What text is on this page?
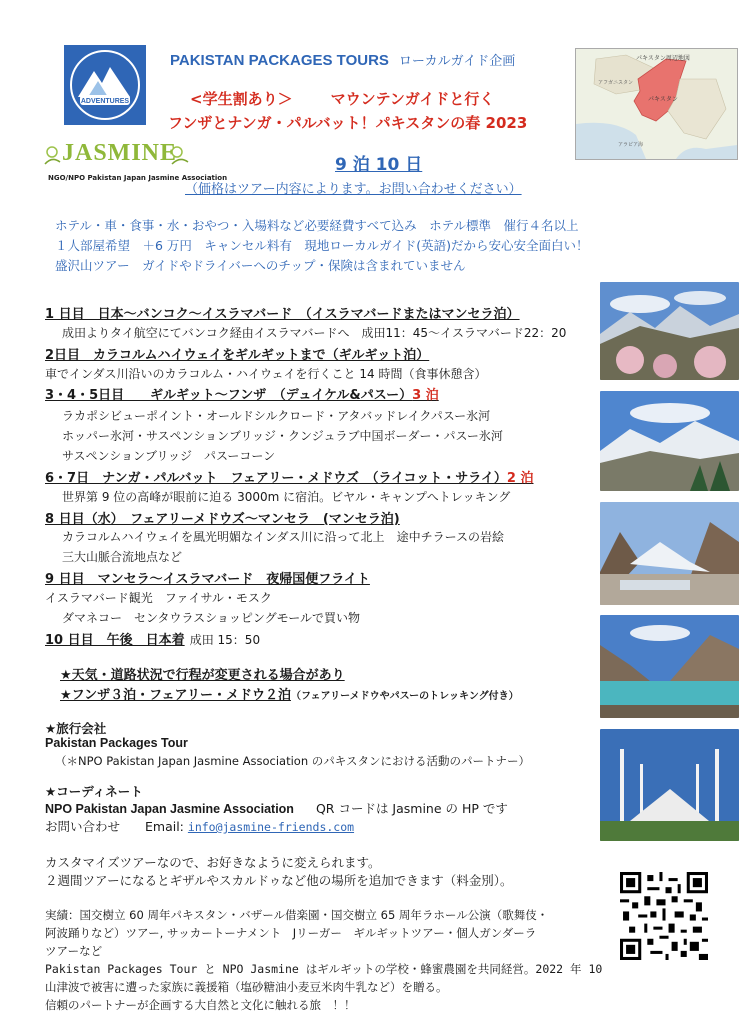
ADVENTURES
PAKISTAN PACKAGES TOURS ローカルガイド企画
<学生割あり＞	マウンテンガイドと行く
フンザとナンガ・パルバット！パキスタンの春 2023
パキスタン周辺地図
パキスタン
アフガニスタン
アラビア海
JASMINE
NGO/NPO Pakistan Japan Jasmine Association
9 泊 10 日
（価格はツアー内容によります。お問い合わせください）
ホテル・車・食事・水・おやつ・入場料など必要経費すべて込み　ホテル標準　催行４名以上
１人部屋希望　＋6 万円　キャンセル料有　現地ローカルガイド(英語)だから安心安全面白い！
盛沢山ツアー　ガイドやドライバーへのチップ・保険は含まれていません
1 日目　日本～バンコク～イスラマバード　（イスラマバードまたはマンセラ泊）
成田よりタイ航空にてバンコク経由イスラマバードへ　成田11：45～イスラマバード22：20
2日目　カラコルムハイウェイをギルギットまで（ギルギット泊）
車でインダス川沿いのカラコルム・ハイウェイを行くこと 14 時間（食事休憩含）
3・4・5日目　　ギルギット～フンザ　（デュイケル&パスー）3 泊
ラカポシビューポイント・オールドシルクロード・アタバッドレイクパスー氷河
ホッパー氷河・サスペンションブリッジ・クンジュラブ中国ボーダー・パスー氷河
サスペンションブリッジ　パスーコーン
6・7日　ナンガ・パルバット　フェアリー・メドウズ　（ライコット・サライ）2 泊
世界第 9 位の高峰が眼前に迫る 3000m に宿泊。ビヤル・キャンプへトレッキング
8 日目（水）　フェアリーメドウズ～マンセラ　(マンセラ泊)
カラコルムハイウェイを風光明媚なインダス川に沿って北上　途中チラースの岩絵
三大山脈合流地点など
9 日目　マンセラ～イスラマバード　夜帰国便フライト
イスラマバード観光　ファイサル・モスク
ダマネコー　センタウラスショッピングモールで買い物
10 日目　午後　日本着 成田 15：50
★天気・道路状況で行程が変更される場合があり
★フンザ３泊・フェアリー・メドウ２泊（フェアリーメドウやパスーのトレッキング付き）
★旅行会社
Pakistan Packages Tour
（＊NPO Pakistan Japan Jasmine Association のパキスタンにおける活動のパートナー）
★コーディネート
NPO Pakistan Japan Jasmine Association QR コードは Jasmine の HP です
お問い合わせ　　Email: info@jasmine-friends.com
カスタマイズツアーなので、お好きなように変えられます。
２週間ツアーになるとギザルやスカルドゥなど他の場所を追加できます（料金別）。
実績：国交樹立 60 周年パキスタン・バザール借楽園・国交樹立 65 周年ラホール公演（歌舞伎・
阿波踊りなど）ツアー, サッカートーナメント　Jリーガー　ギルギットツアー・個人ガンダーラ
ツアーなど
Pakistan Packages Tour と NPO Jasmine はギルギットの学校・蜂蜜農園を共同経営。2022 年 10
山津波で被害に遭った家族に義援箱（塩砂糖油小麦豆米肉牛乳など）を贈る。
信頼のパートナーが企画する大自然と文化に触れる旅　！！
